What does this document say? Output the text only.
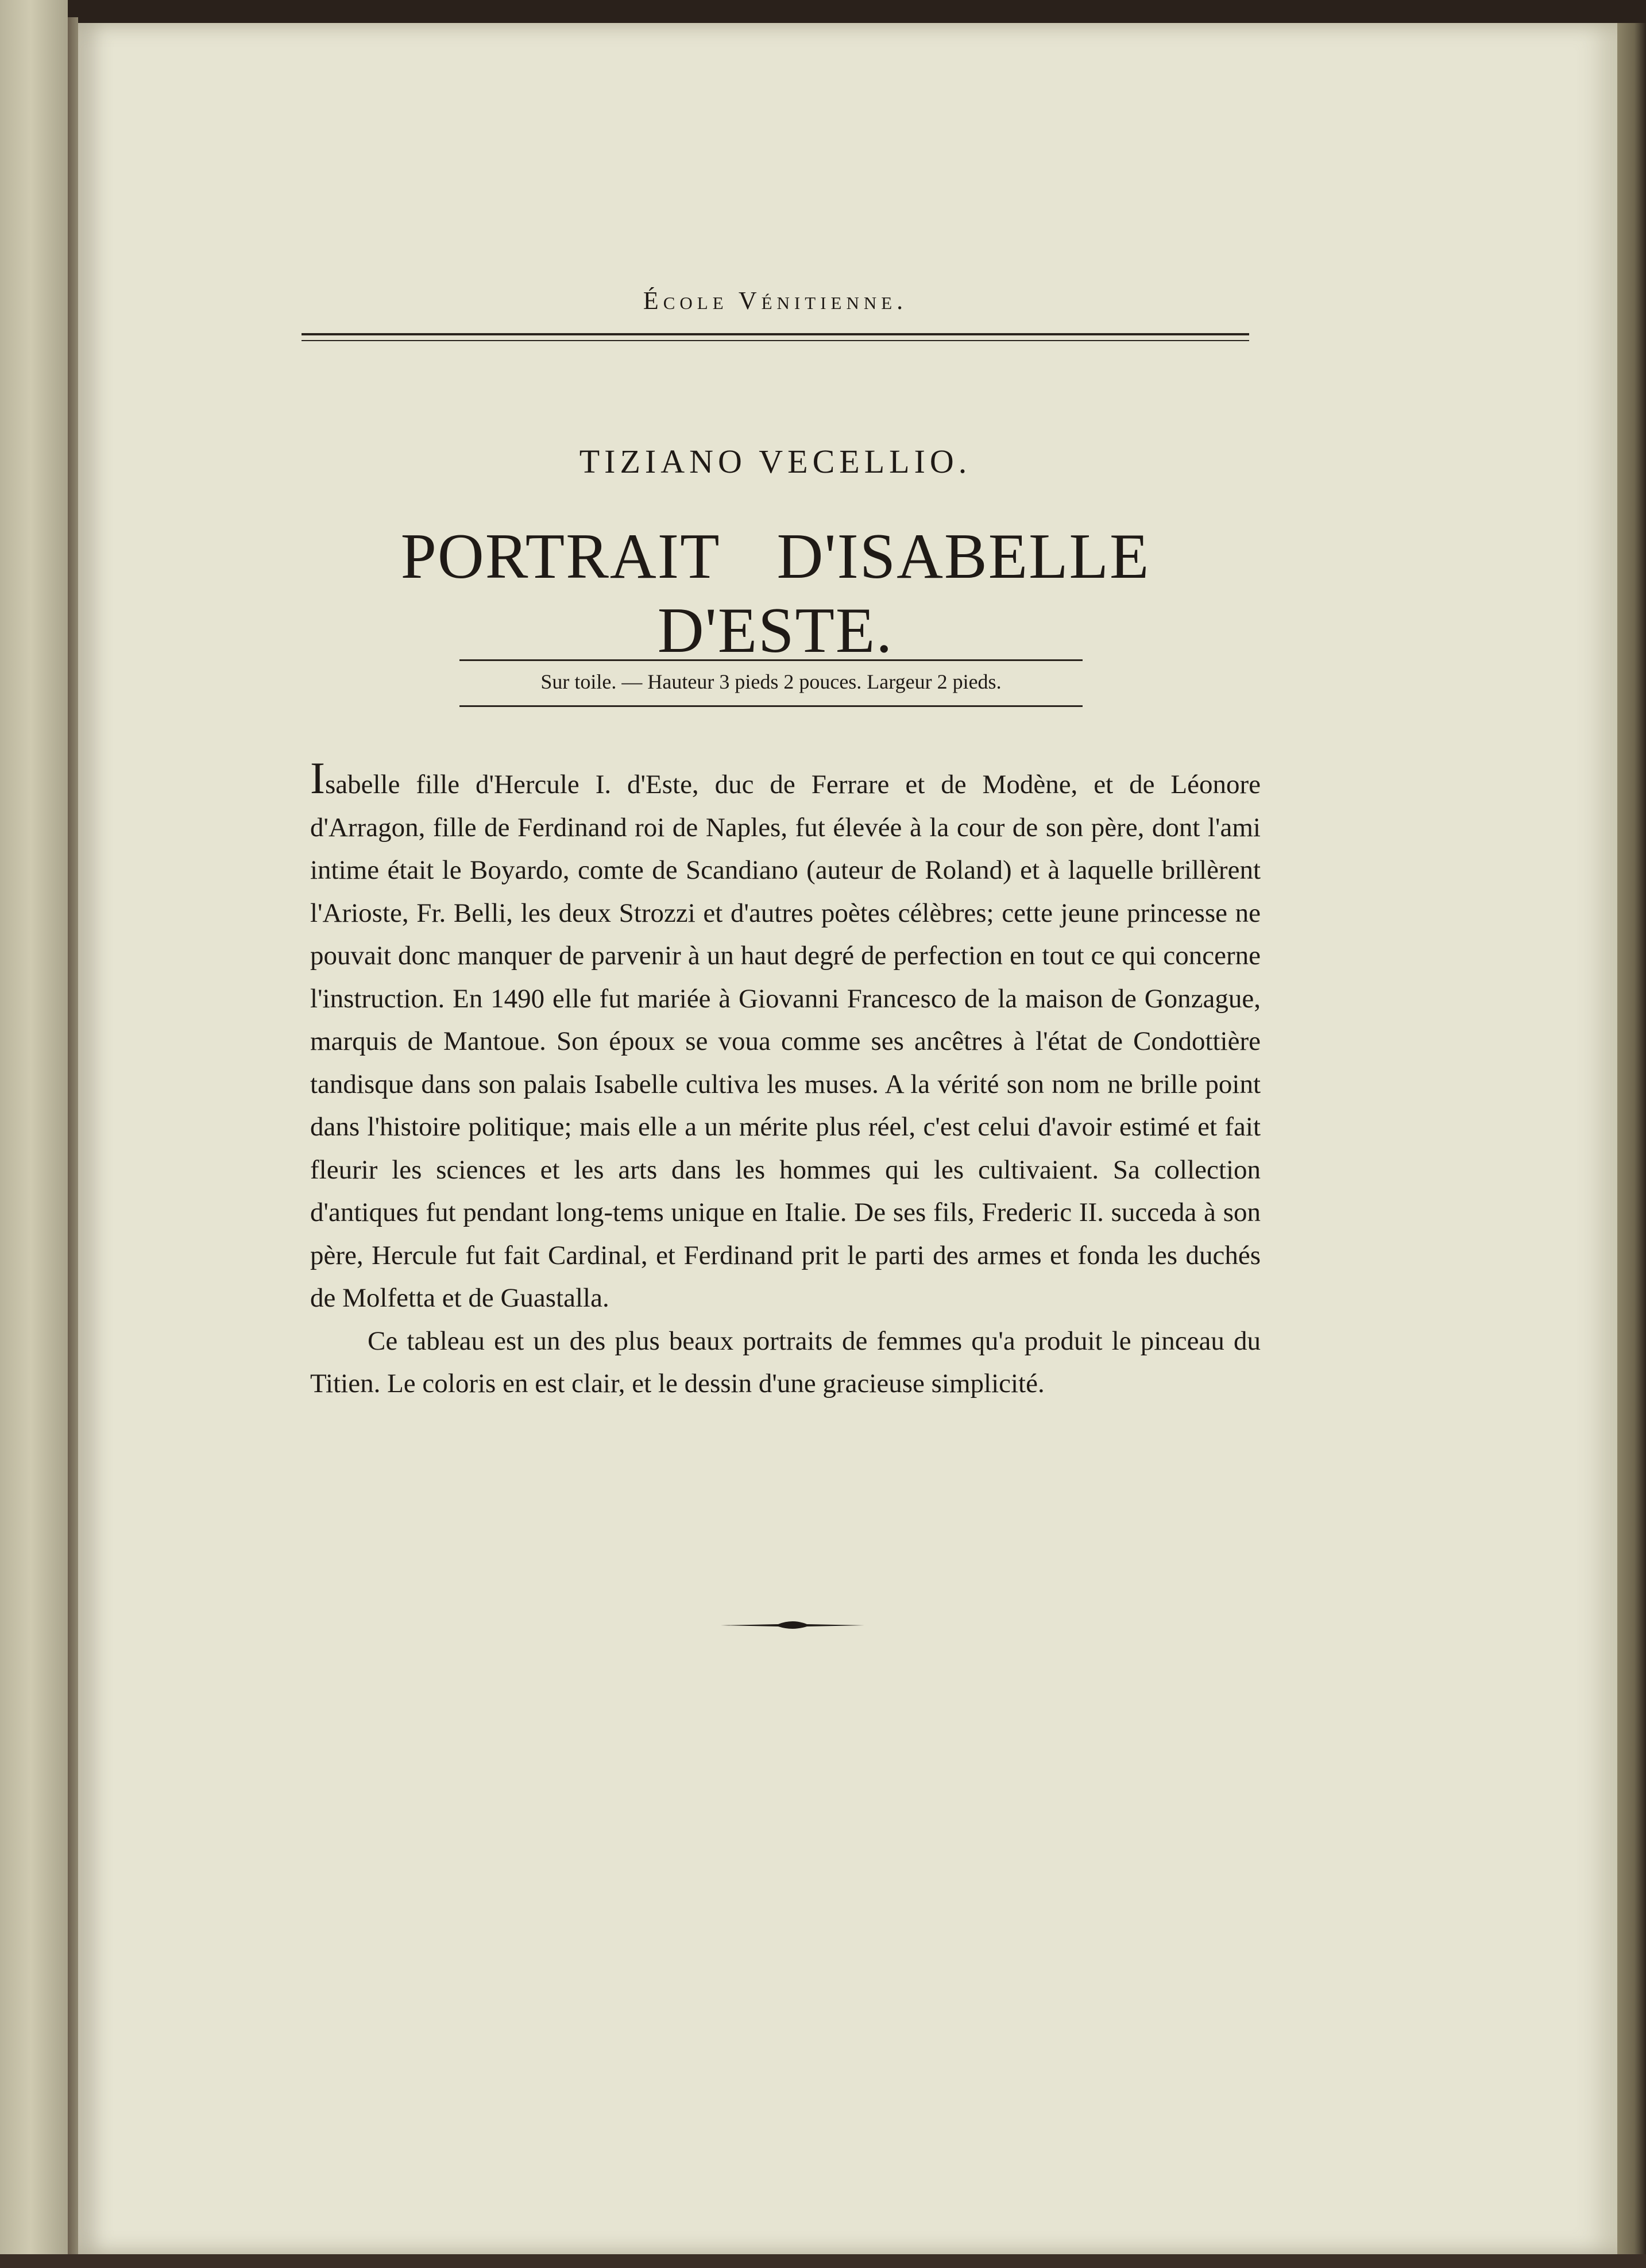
École Vénitienne.
TIZIANO VECELLIO.
PORTRAIT D'ISABELLE D'ESTE.
Sur toile. — Hauteur 3 pieds 2 pouces. Largeur 2 pieds.

Isabelle fille d'Hercule I. d'Este, duc de Ferrare et de Modène, et de Léonore d'Arragon, fille de Ferdinand roi de Naples, fut élevée à la cour de son père, dont l'ami intime était le Boyardo, comte de Scandiano (auteur de Roland) et à laquelle brillèrent l'Arioste, Fr. Belli, les deux Strozzi et d'autres poètes célèbres; cette jeune princesse ne pouvait donc manquer de parvenir à un haut degré de perfection en tout ce qui concerne l'instruction. En 1490 elle fut mariée à Giovanni Francesco de la maison de Gonzague, marquis de Mantoue. Son époux se voua comme ses ancêtres à l'état de Condottière tandisque dans son palais Isabelle cultiva les muses. A la vérité son nom ne brille point dans l'histoire politique; mais elle a un mérite plus réel, c'est celui d'avoir estimé et fait fleurir les sciences et les arts dans les hommes qui les cultivaient. Sa collection d'antiques fut pendant long-tems unique en Italie. De ses fils, Frederic II. succeda à son père, Hercule fut fait Cardinal, et Ferdinand prit le parti des armes et fonda les duchés de Molfetta et de Guastalla.

Ce tableau est un des plus beaux portraits de femmes qu'a produit le pinceau du Titien. Le coloris en est clair, et le dessin d'une gracieuse simplicité.
